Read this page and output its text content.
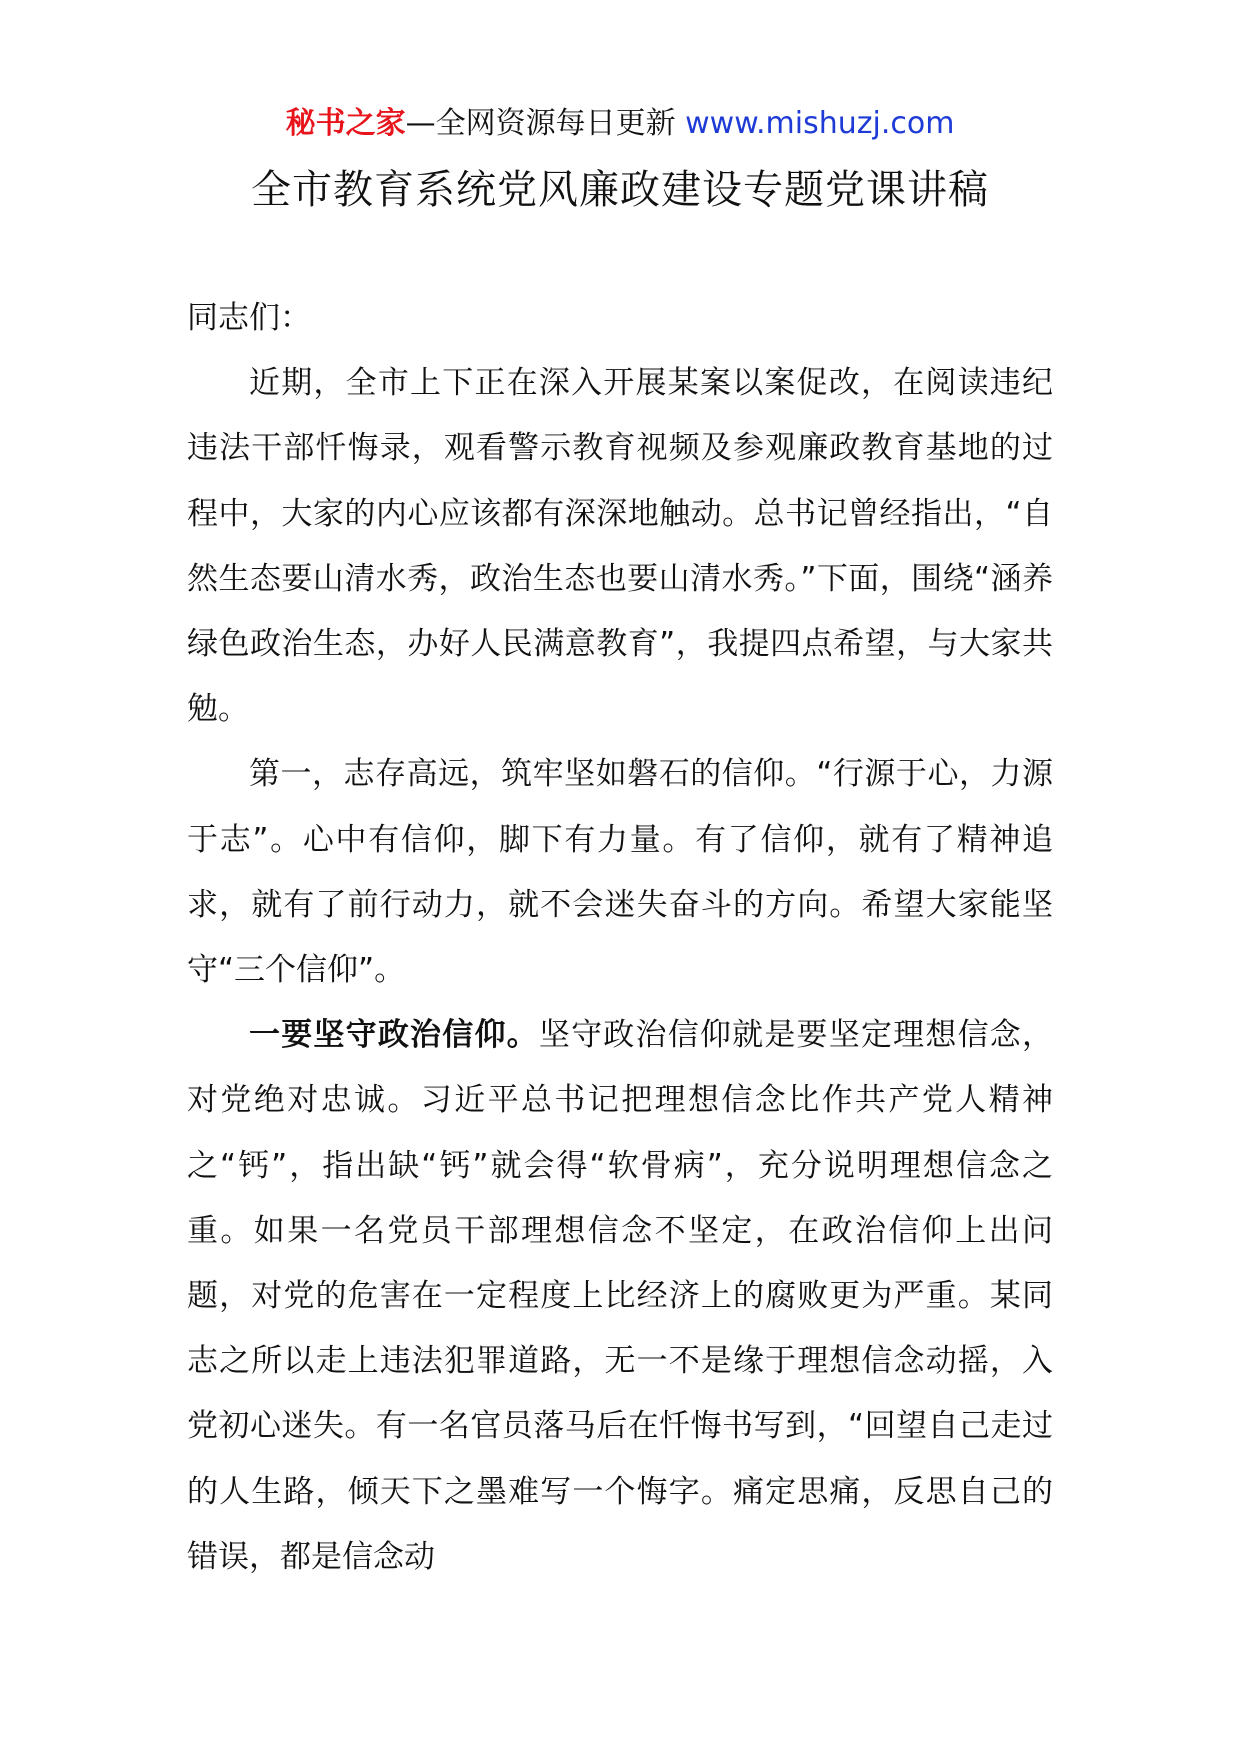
秘书之家—全网资源每日更新 www.mishuzj.com
全市教育系统党风廉政建设专题党课讲稿

同志们：

近期，全市上下正在深入开展某案以案促改，在阅读违纪违法干部忏悔录，观看警示教育视频及参观廉政教育基地的过程中，大家的内心应该都有深深地触动。总书记曾经指出，“自然生态要山清水秀，政治生态也要山清水秀。”下面，围绕“涵养绿色政治生态，办好人民满意教育”，我提四点希望，与大家共勉。

第一，志存高远，筑牢坚如磐石的信仰。“行源于心，力源于志”。心中有信仰，脚下有力量。有了信仰，就有了精神追求，就有了前行动力，就不会迷失奋斗的方向。希望大家能坚守“三个信仰”。

一要坚守政治信仰。坚守政治信仰就是要坚定理想信念，对党绝对忠诚。习近平总书记把理想信念比作共产党人精神之“钙”，指出缺“钙”就会得“软骨病”，充分说明理想信念之重。如果一名党员干部理想信念不坚定，在政治信仰上出问题，对党的危害在一定程度上比经济上的腐败更为严重。某同志之所以走上违法犯罪道路，无一不是缘于理想信念动摇，入党初心迷失。有一名官员落马后在忏悔书写到，“回望自己走过的人生路，倾天下之墨难写一个悔字。痛定思痛，反思自己的错误，都是信念动
